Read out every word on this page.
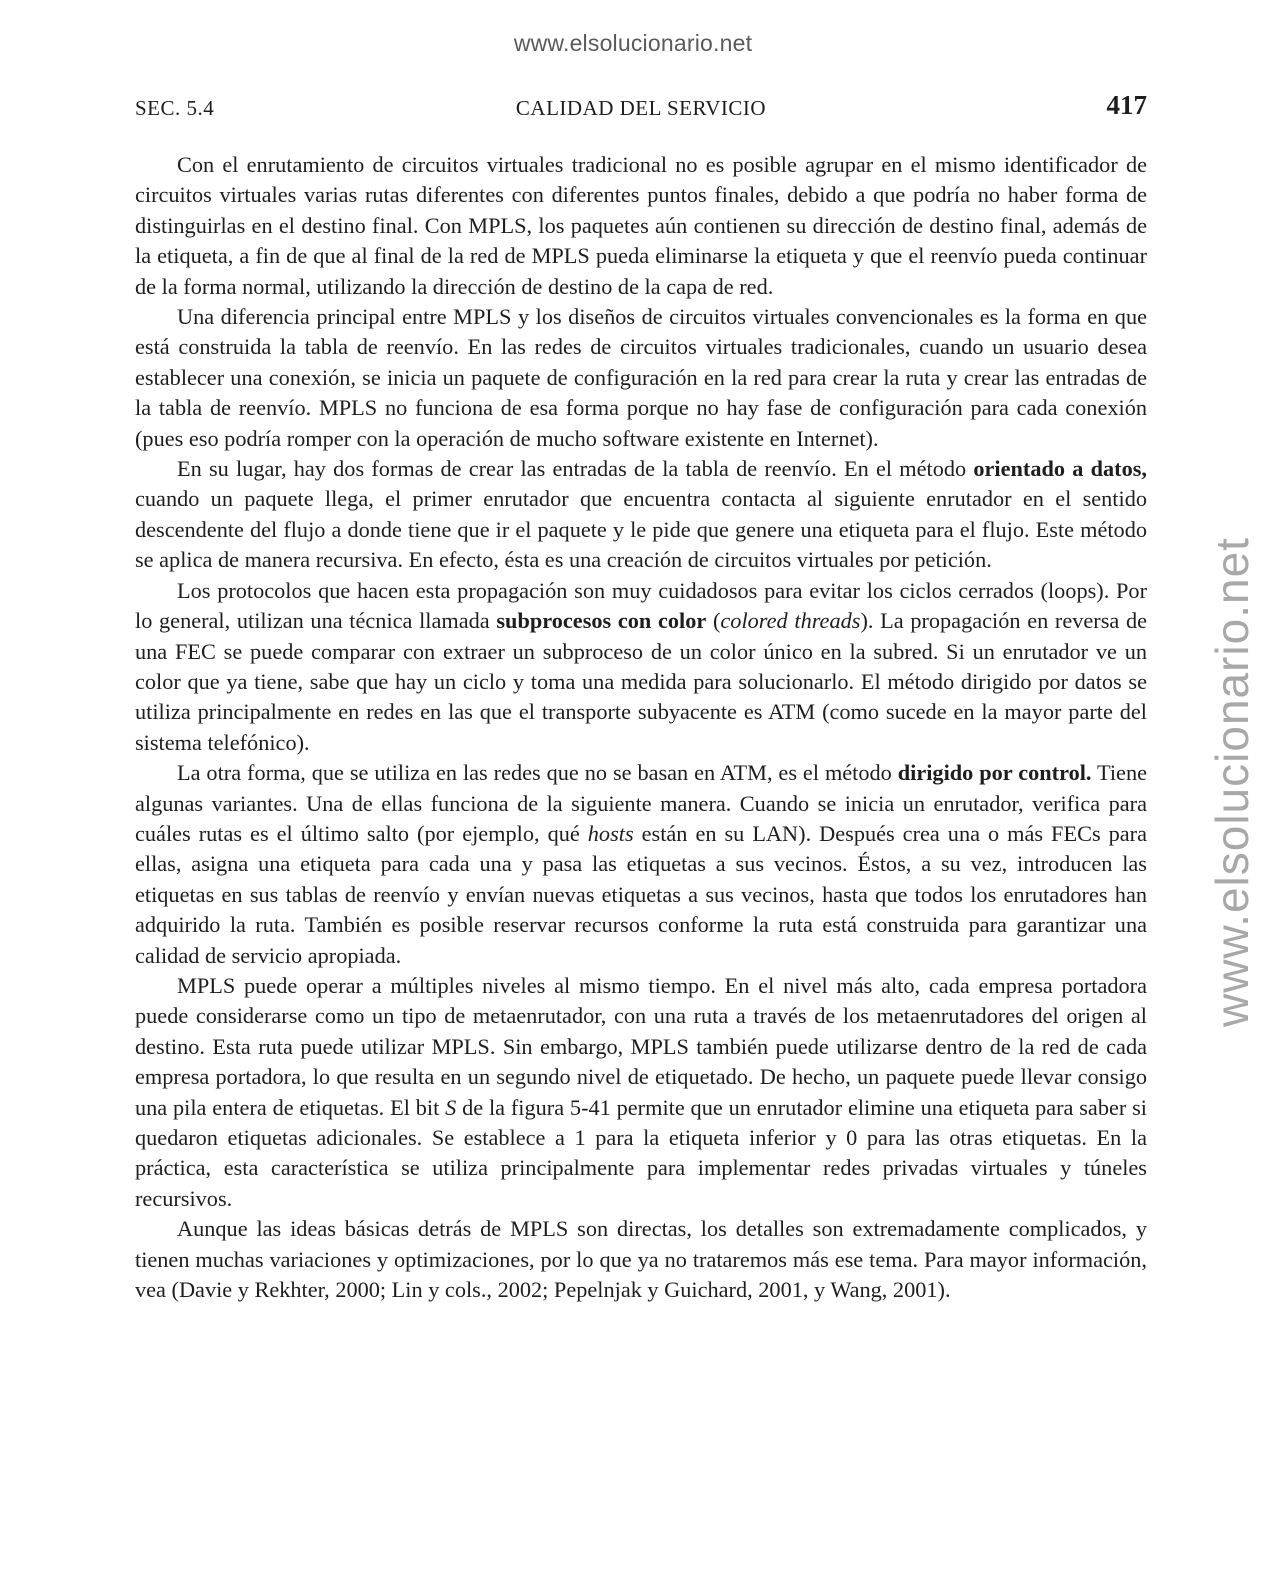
www.elsolucionario.net
www.elsolucionario.net
SEC. 5.4	CALIDAD DEL SERVICIO	417

Con el enrutamiento de circuitos virtuales tradicional no es posible agrupar en el mismo identificador de circuitos virtuales varias rutas diferentes con diferentes puntos finales, debido a que podría no haber forma de distinguirlas en el destino final. Con MPLS, los paquetes aún contienen su dirección de destino final, además de la etiqueta, a fin de que al final de la red de MPLS pueda eliminarse la etiqueta y que el reenvío pueda continuar de la forma normal, utilizando la dirección de destino de la capa de red.

Una diferencia principal entre MPLS y los diseños de circuitos virtuales convencionales es la forma en que está construida la tabla de reenvío. En las redes de circuitos virtuales tradicionales, cuando un usuario desea establecer una conexión, se inicia un paquete de configuración en la red para crear la ruta y crear las entradas de la tabla de reenvío. MPLS no funciona de esa forma porque no hay fase de configuración para cada conexión (pues eso podría romper con la operación de mucho software existente en Internet).

En su lugar, hay dos formas de crear las entradas de la tabla de reenvío. En el método orientado a datos, cuando un paquete llega, el primer enrutador que encuentra contacta al siguiente enrutador en el sentido descendente del flujo a donde tiene que ir el paquete y le pide que genere una etiqueta para el flujo. Este método se aplica de manera recursiva. En efecto, ésta es una creación de circuitos virtuales por petición.

Los protocolos que hacen esta propagación son muy cuidadosos para evitar los ciclos cerrados (loops). Por lo general, utilizan una técnica llamada subprocesos con color (colored threads). La propagación en reversa de una FEC se puede comparar con extraer un subproceso de un color único en la subred. Si un enrutador ve un color que ya tiene, sabe que hay un ciclo y toma una medida para solucionarlo. El método dirigido por datos se utiliza principalmente en redes en las que el transporte subyacente es ATM (como sucede en la mayor parte del sistema telefónico).

La otra forma, que se utiliza en las redes que no se basan en ATM, es el método dirigido por control. Tiene algunas variantes. Una de ellas funciona de la siguiente manera. Cuando se inicia un enrutador, verifica para cuáles rutas es el último salto (por ejemplo, qué hosts están en su LAN). Después crea una o más FECs para ellas, asigna una etiqueta para cada una y pasa las etiquetas a sus vecinos. Éstos, a su vez, introducen las etiquetas en sus tablas de reenvío y envían nuevas etiquetas a sus vecinos, hasta que todos los enrutadores han adquirido la ruta. También es posible reservar recursos conforme la ruta está construida para garantizar una calidad de servicio apropiada.

MPLS puede operar a múltiples niveles al mismo tiempo. En el nivel más alto, cada empresa portadora puede considerarse como un tipo de metaenrutador, con una ruta a través de los metaenrutadores del origen al destino. Esta ruta puede utilizar MPLS. Sin embargo, MPLS también puede utilizarse dentro de la red de cada empresa portadora, lo que resulta en un segundo nivel de etiquetado. De hecho, un paquete puede llevar consigo una pila entera de etiquetas. El bit S de la figura 5-41 permite que un enrutador elimine una etiqueta para saber si quedaron etiquetas adicionales. Se establece a 1 para la etiqueta inferior y 0 para las otras etiquetas. En la práctica, esta característica se utiliza principalmente para implementar redes privadas virtuales y túneles recursivos.

Aunque las ideas básicas detrás de MPLS son directas, los detalles son extremadamente complicados, y tienen muchas variaciones y optimizaciones, por lo que ya no trataremos más ese tema. Para mayor información, vea (Davie y Rekhter, 2000; Lin y cols., 2002; Pepelnjak y Guichard, 2001, y Wang, 2001).
